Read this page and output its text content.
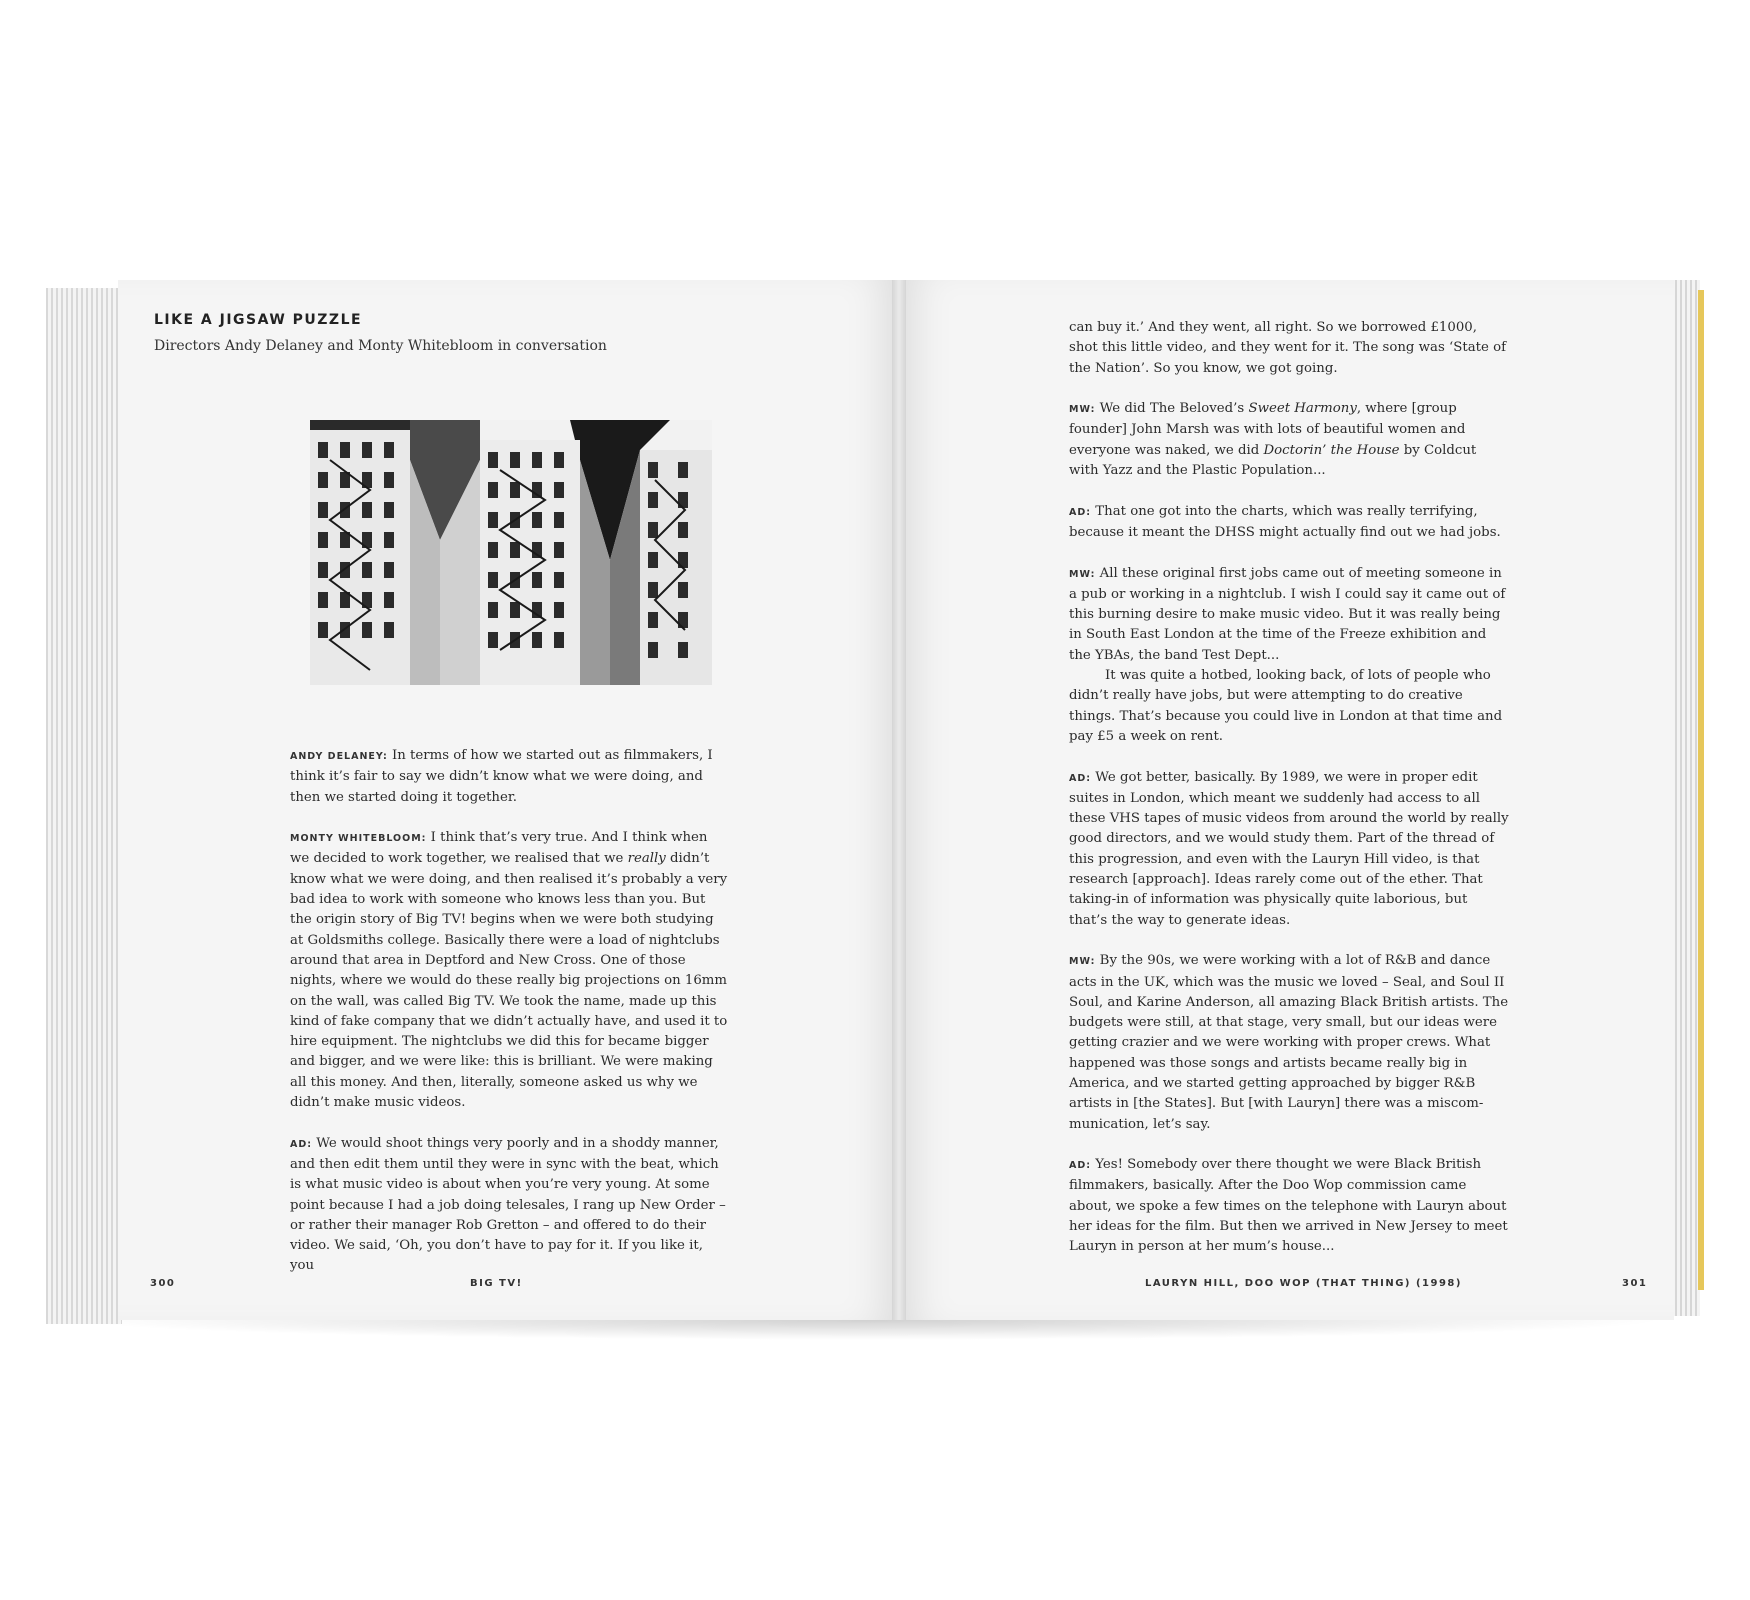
LIKE A JIGSAW PUZZLE
Directors Andy Delaney and Monty Whitebloom in conversation

ANDY DELANEY: In terms of how we started out as filmmakers, I think it’s fair to say we didn’t know what we were doing, and then we started doing it together.

MONTY WHITEBLOOM: I think that’s very true. And I think when we decided to work together, we realised that we really didn’t know what we were doing, and then realised it’s probably a very bad idea to work with someone who knows less than you. But the origin story of Big TV! begins when we were both studying at Goldsmiths college. Basically there were a load of nightclubs around that area in Deptford and New Cross. One of those nights, where we would do these really big projections on 16mm on the wall, was called Big TV. We took the name, made up this kind of fake company that we didn’t actually have, and used it to hire equipment. The nightclubs we did this for became bigger and bigger, and we were like: this is brilliant. We were making all this money. And then, literally, someone asked us why we didn’t make music videos.

AD: We would shoot things very poorly and in a shoddy manner, and then edit them until they were in sync with the beat, which is what music video is about when you’re very young. At some point because I had a job doing telesales, I rang up New Order – or rather their manager Rob Gretton – and offered to do their video. We said, ‘Oh, you don’t have to pay for it. If you like it, you

300	BIG TV!

can buy it.’ And they went, all right. So we borrowed £1000, shot this little video, and they went for it. The song was ‘State of the Nation’. So you know, we got going.

MW: We did The Beloved’s Sweet Harmony, where [group founder] John Marsh was with lots of beautiful women and everyone was naked, we did Doctorin’ the House by Coldcut with Yazz and the Plastic Population...

AD: That one got into the charts, which was really terrifying, because it meant the DHSS might actually find out we had jobs.

MW: All these original first jobs came out of meeting someone in a pub or working in a nightclub. I wish I could say it came out of this burning desire to make music video. But it was really being in South East London at the time of the Freeze exhibition and the YBAs, the band Test Dept...

It was quite a hotbed, looking back, of lots of people who didn’t really have jobs, but were attempting to do creative things. That’s because you could live in London at that time and pay £5 a week on rent.

AD: We got better, basically. By 1989, we were in proper edit suites in London, which meant we suddenly had access to all these VHS tapes of music videos from around the world by really good directors, and we would study them. Part of the thread of this progression, and even with the Lauryn Hill video, is that research [approach]. Ideas rarely come out of the ether. That taking-in of information was physically quite laborious, but that’s the way to generate ideas.

MW: By the 90s, we were working with a lot of R&B and dance acts in the UK, which was the music we loved – Seal, and Soul II Soul, and Karine Anderson, all amazing Black British artists. The budgets were still, at that stage, very small, but our ideas were getting crazier and we were working with proper crews. What happened was those songs and artists became really big in America, and we started getting approached by bigger R&B artists in [the States]. But [with Lauryn] there was a miscom-munication, let’s say.

AD: Yes! Somebody over there thought we were Black British filmmakers, basically. After the Doo Wop commission came about, we spoke a few times on the telephone with Lauryn about her ideas for the film. But then we arrived in New Jersey to meet Lauryn in person at her mum’s house...

LAURYN HILL, DOO WOP (THAT THING) (1998)	301
